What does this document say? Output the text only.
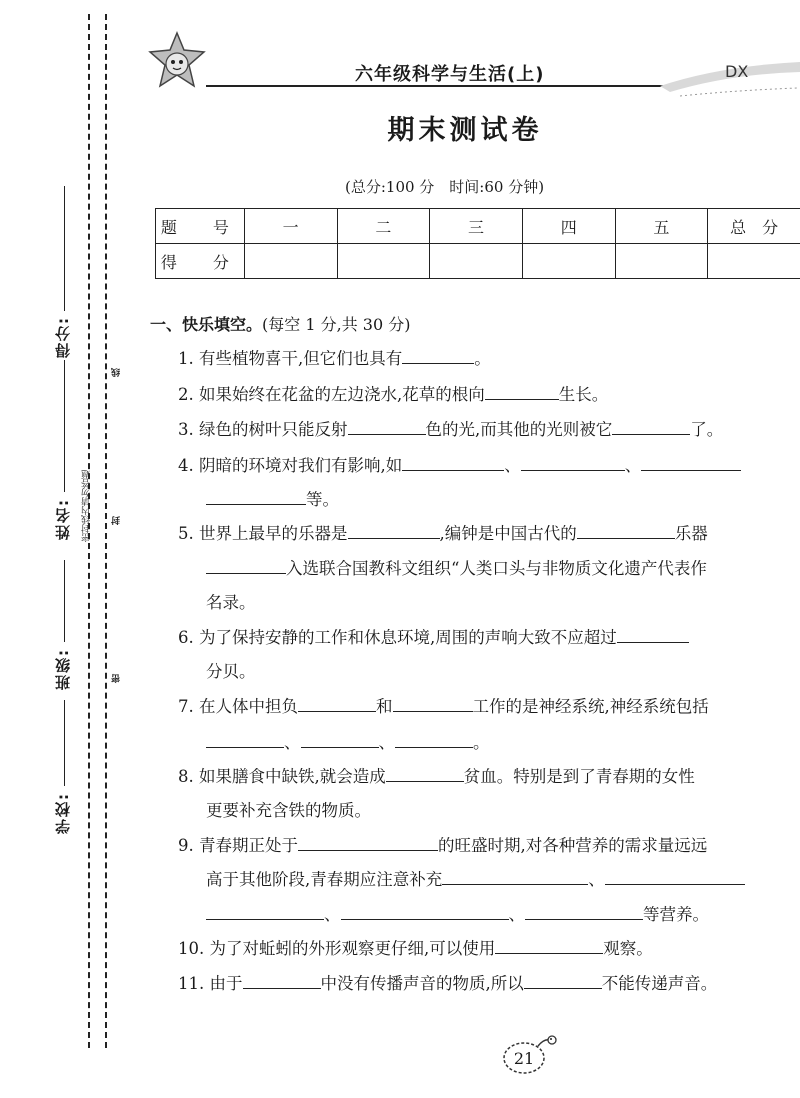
得分:
姓名:
班级:
学校:
线
密封线内请勿答题 封
密
六年级科学与生活(上)	DX
期末测试卷
(总分:100 分　时间:60 分钟)
题　号	一	二	三	四	五	总　分
得　分						
一、快乐填空。(每空 1 分,共 30 分)
1. 有些植物喜干,但它们也具有	。
2. 如果始终在花盆的左边浇水,花草的根向	生长。
3. 绿色的树叶只能反射	色的光,而其他的光则被它	了。
4. 阴暗的环境对我们有影响,如	、	、
等。
5. 世界上最早的乐器是	,编钟是中国古代的	乐器
入选联合国教科文组织“人类口头与非物质文化遗产代表作
名录。
6. 为了保持安静的工作和休息环境,周围的声响大致不应超过
分贝。
7. 在人体中担负	和	工作的是神经系统,神经系统包括
、	、	。
8. 如果膳食中缺铁,就会造成	贫血。特别是到了青春期的女性
更要补充含铁的物质。
9. 青春期正处于	的旺盛时期,对各种营养的需求量远远
高于其他阶段,青春期应注意补充	、
、	、	等营养。
10. 为了对蚯蚓的外形观察更仔细,可以使用	观察。
11. 由于	中没有传播声音的物质,所以	不能传递声音。
21
